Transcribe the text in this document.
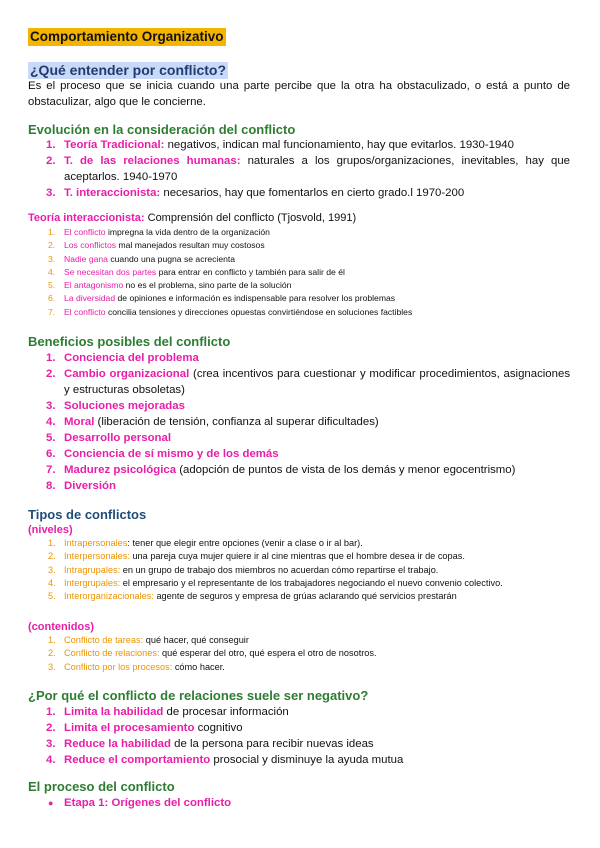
Comportamiento Organizativo
¿Qué entender por conflicto?
Es el proceso que se inicia cuando una parte percibe que la otra ha obstaculizado, o está a punto de obstaculizar, algo que le concierne.
Evolución en la consideración del conflicto
1. Teoría Tradicional: negativos, indican mal funcionamiento, hay que evitarlos. 1930-1940
2. T. de las relaciones humanas: naturales a los grupos/organizaciones, inevitables, hay que aceptarlos. 1940-1970
3. T. interaccionista: necesarios, hay que fomentarlos en cierto grado.l 1970-200
Teoría interaccionista: Comprensión del conflicto (Tjosvold, 1991)
1. El conflicto impregna la vida dentro de la organización
2. Los conflictos mal manejados resultan muy costosos
3. Nadie gana cuando una pugna se acrecienta
4. Se necesitan dos partes para entrar en conflicto y también para salir de él
5. El antagonismo no es el problema, sino parte de la solución
6. La diversidad de opiniones e información es indispensable para resolver los problemas
7. El conflicto concilia tensiones y direcciones opuestas convirtiéndose en soluciones factibles
Beneficios posibles del conflicto
1. Conciencia del problema
2. Cambio organizacional (crea incentivos para cuestionar y modificar procedimientos, asignaciones y estructuras obsoletas)
3. Soluciones mejoradas
4. Moral (liberación de tensión, confianza al superar dificultades)
5. Desarrollo personal
6. Conciencia de sí mismo y de los demás
7. Madurez psicológica (adopción de puntos de vista de los demás y menor egocentrismo)
8. Diversión
Tipos de conflictos
(niveles)
1. Intrapersonales: tener que elegir entre opciones (venir a clase o ir al bar).
2. Interpersonales: una pareja cuya mujer quiere ir al cine mientras que el hombre desea ir de copas.
3. Intragrupales: en un grupo de trabajo dos miembros no acuerdan cómo repartirse el trabajo.
4. Intergrupales: el empresario y el representante de los trabajadores negociando el nuevo convenio colectivo.
5. Interorganizacionales: agente de seguros y empresa de grúas aclarando qué servicios prestarán
(contenidos)
1. Conflicto de tareas: qué hacer, qué conseguir
2. Conflicto de relaciones: qué esperar del otro, qué espera el otro de nosotros.
3. Conflicto por los procesos: cómo hacer.
¿Por qué el conflicto de relaciones suele ser negativo?
1. Limita la habilidad de procesar información
2. Limita el procesamiento cognitivo
3. Reduce la habilidad de la persona para recibir nuevas ideas
4. Reduce el comportamiento prosocial y disminuye la ayuda mutua
El proceso del conflicto
● Etapa 1: Orígenes del conflicto
